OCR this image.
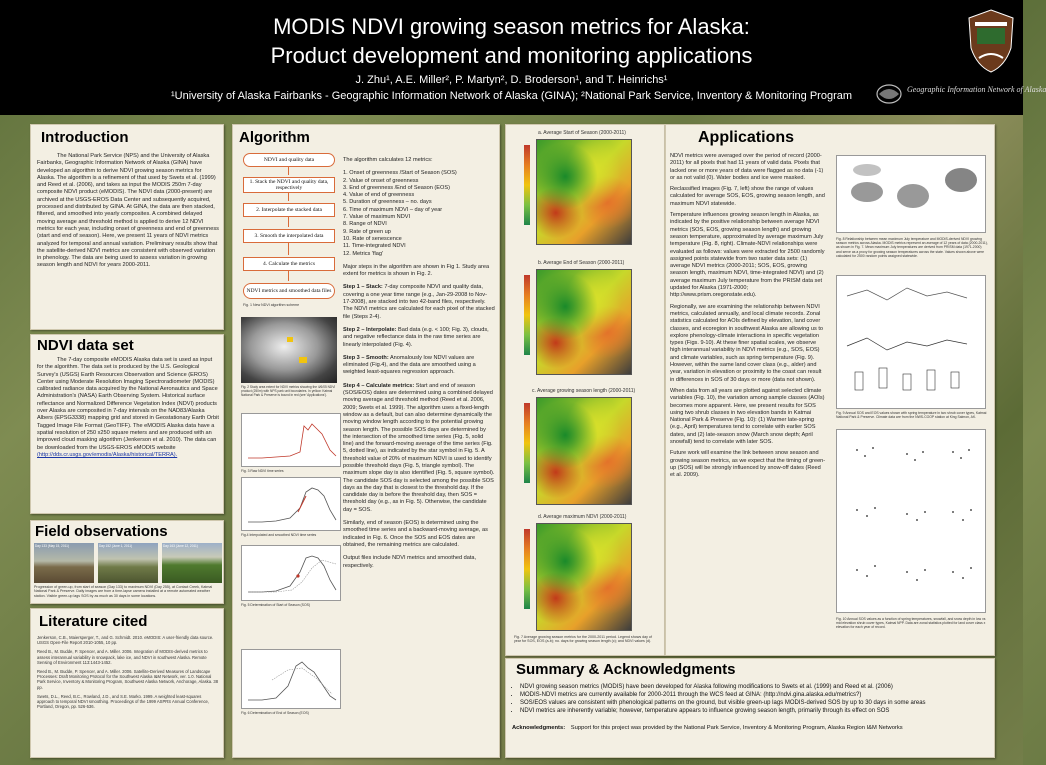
MODIS NDVI growing season metrics for Alaska:
Product development and monitoring applications
J. Zhu¹, A.E. Miller², P. Martyn², D. Broderson¹, and T. Heinrichs¹
¹University of Alaska Fairbanks - Geographic Information Network of Alaska (GINA); ²National Park Service, Inventory & Monitoring Program
Geographic Information Network of Alaska
Introduction
The National Park Service (NPS) and the University of Alaska Fairbanks, Geographic Information Network of Alaska (GINA) have developed an algorithm to derive NDVI growing season metrics for Alaska. The algorithm is a refinement of that used by Swets et al. (1999) and Reed et al. (2006), and takes as input the MODIS 250m 7-day composite NDVI product (eMODIS). The NDVI data (2000-present) are archived at the USGS-EROS Data Center and subsequently acquired, processed and distributed by GINA. At GINA, the data are then stacked, filtered, and smoothed into yearly composites. A combined delayed moving average and threshold method is applied to derive 12 NDVI metrics for each year, including onset of greenness and end of greenness (start and end of season). Here, we present 11 years of NDVI metrics analyzed for temporal and annual variation. Preliminary results show that the satellite-derived NDVI metrics are consistent with observed variation in phenology. The data are being used to assess variation in growing season length and NDVI for years 2000-2011.
NDVI data set
The 7-day composite eMODIS Alaska data set is used as input for the algorithm. The data set is produced by the U.S. Geological Survey's (USGS) Earth Resources Observation and Science (EROS) Center using Moderate Resolution Imaging Spectroradiometer (MODIS) calibrated radiance data acquired by the National Aeronautics and Space Administration's (NASA) Earth Observing System. Historical surface reflectance and Normalized Difference Vegetation Index (NDVI) products over Alaska are composited in 7-day intervals on the NAD83/Alaska Albers (EPSG3338) mapping grid and stored in Geostationary Earth Orbit Tagged Image File Format (GeoTIFF). The eMODIS Alaska data have a spatial resolution of 250 x250 square meters and are produced with an improved cloud masking algorithm (Jenkerson et al. 2010). The data can be downloaded from the USGS-EROS eMODIS website (http://dds.cr.usgs.gov/emodis/Alaska/historical/TERRA).
Field observations
Day 133 (May 15, 2011)	Day 152 (June 1, 2011)	Day 163 (June 12, 2011)
Progression of green-up, from start of season (Day 133) to maximum NDVI (Day 255), at Contact Creek, Katmai National Park & Preserve. Daily images are from a time-lapse camera installed at a remote automated weather station. Visible green-up lags SOS by as much as 30 days in some locations.
Literature cited

Jenkerson, C.B., Maiersperger, T., and G. Schmidt. 2010. eMODIS: A user-friendly data source. USGS Open-File Report 2010-1055, 10 pp.

Reed B., M. Budde, P. Spencer, and A. Miller. 2006. Integration of MODIS-derived metrics to assess interannual variability in snowpack, lake ice, and NDVI in southwest Alaska. Remote Sensing of Environment 113:1443-1452.

Reed B., M. Budde, P. Spencer, and A. Miller. 2006. Satellite-Derived Measures of Landscape Processes: Draft Monitoring Protocol for the Southwest Alaska I&M Network, ver. 1.0. National Park Service, Inventory & Monitoring Program, Southwest Alaska Network, Anchorage, Alaska. 38 pp.

Swets, D.L., Reed, B.C., Rowland, J.D., and S.E. Marko. 1999. A weighted least-squares approach to temporal NDVI smoothing. Proceedings of the 1999 ASPRS Annual Conference, Portland, Oregon, pp. 526-536.

Algorithm
NDVI and quality data
1. Stack the NDVI and quality data, respectively
2. Interpolate the stacked data
3. Smooth the interpolated data
4. Calculate the metrics
NDVI metrics and smoothed data files
Fig. 1 New NDVI algorithm scheme
Fig. 2 Study area extent for NDVI metrics showing the 4/6/05 NDVI product (250m) with NPS park unit boundaries. In yellow: Katmai National Park & Preserve is bound in red (see 'Applications').
Fig. 3 Raw NDVI time series
Fig.4 Interpolated and smoothed NDVI time series
Fig. 5 Determination of Start of Season (SOS)
Fig. 6 Determination of End of Season (EOS)

The algorithm calculates 12 metrics:

1. Onset of greenness /Start of Season (SOS)
2. Value of onset of greenness
3. End of greenness /End of Season (EOS)
4. Value of end of greenness
5. Duration of greenness – no. days
6. Time of maximum NDVI – day of year
7. Value of maximum NDVI
8. Range of NDVI
9. Rate of green up
10. Rate of senescence
11. Time-integrated NDVI
12. Metrics 'flag'

Major steps in the algorithm are shown in Fig 1. Study area extent for metrics is shown in Fig. 2.

Step 1 – Stack: 7-day composite NDVI and quality data, covering a one year time range (e.g., Jan-29-2008 to Nov-17-2008), are stacked into two 42-band files, respectively. The NDVI metrics are calculated for each pixel of the stacked file (Steps 2-4).

Step 2 – Interpolate: Bad data (e.g. < 100; Fig. 3), clouds, and negative reflectance data in the raw time series are linearly interpolated (Fig. 4).

Step 3 – Smooth: Anomalously low NDVI values are eliminated (Fig.4), and the data are smoothed using a weighted least-squares regression approach.

Step 4 – Calculate metrics: Start and end of season (SOS/EOS) dates are determined using a combined delayed moving average and threshold method (Reed et al. 2006, 2009; Swets et al. 1999). The algorithm uses a fixed-length window as a default, but can also determine dynamically the moving window length according to the potential growing season length. The possible SOS days are determined by the intersection of the smoothed time series (Fig. 5, solid line) and the forward-moving average of the time series (Fig. 5, dotted line), as indicated by the star symbol in Fig. 5. A threshold value of 20% of maximum NDVI is used to identify possible threshold days (Fig. 5, triangle symbol). The maximum slope day is also identified (Fig. 5, square symbol). The candidate SOS day is selected among the possible SOS days as the day that is closest to the threshold day. If the candidate day is before the threshold day, then SOS = threshold day (e.g., as in Fig. 5). Otherwise, the candidate day = SOS.

Similarly, end of season (EOS) is determined using the smoothed time series and a backward-moving average, as indicated in Fig. 6. Once the SOS and EOS dates are obtained, the remaining metrics are calculated.

Output files include NDVI metrics and smoothed data, respectively.

a. Average Start of Season (2000-2011)
b. Average End of Season (2000-2011)
c. Average growing season length (2000-2011)
d. Average maximum NDVI (2000-2011)
Fig. 7 Average growing season metrics for the 2000-2011 period. Legend shows day of year for SOS, EOS (a-b); no. days for growing season length (c); and NDVI values (d).
Applications

NDVI metrics were averaged over the period of record (2000-2011) for all pixels that had 11 years of valid data. Pixels that lacked one or more years of data were flagged as no data (-1) or as not valid (0). Water bodies and ice were masked.

Reclassified images (Fig. 7, left) show the range of values calculated for average SOS, EOS, growing season length, and maximum NDVI statewide.

Temperature influences growing season length in Alaska, as indicated by the positive relationship between average NDVI metrics (SOS, EOS, growing season length) and growing season temperature, approximated by average maximum July temperature (Fig. 8, right). Climate-NDVI relationships were evaluated as follows: values were extracted for 2500 randomly assigned points statewide from two raster data sets: (1) average NDVI metrics (2000-2011; SOS, EOS, growing season length, maximum NDVI, time-integrated NDVI) and (2) average maximum July temperature from the PRISM data set updated for Alaska (1971-2000; http://www.prism.oregonstate.edu).

Regionally, we are examining the relationship between NDVI metrics, calculated annually, and local climate records. Zonal statistics calculated for AOIs defined by elevation, land cover classes, and ecoregion in southwest Alaska are allowing us to explore phenology-climate interactions in specific vegetation types (Figs. 9-10). At these finer spatial scales, we observe high interannual variability in NDVI metrics (e.g., SOS, EOS) and climate variables, such as spring temperature (Fig. 9). However, within the same land cover class (e.g., alder) and year, variation in elevation or proximity to the coast can result in differences in SOS of 30 days or more (data not shown).

When data from all years are plotted against selected climate variables (Fig. 10), the variation among sample classes (AOIs) becomes more apparent. Here, we present results for SOS using two shrub classes in two elevation bands in Katmai National Park & Preserve (Fig. 10): (1) Warmer late-spring (e.g., April) temperatures tend to correlate with earlier SOS dates, and (2) late-season snow (March snow depth; April snowfall) tend to correlate with later SOS.

Future work will examine the link between snow season and growing season metrics, as we expect that the timing of green-up (SOS) will be strongly influenced by snow-off dates (Reed et al. 2009).

Fig. 8 Relationship between mean maximum July temperature and MODIS-derived NDVI growing season metrics across Alaska. MODIS metrics represent an average of 12 years of data (2000-2011), as shown in Fig. 7. Mean maximum July temperatures are derived from PRISM data (1971-2000) and serve as a proxy for growing season temperatures across the state. Values shown above were calculated for 2500 random points assigned statewide.
Fig. 9 Annual SOS and EOS values shown with spring temperature in two shrub cover types, Katmai National Park & Preserve. Climate data are from the NWS-COOP station at King Salmon, AK.
Fig. 10 Annual SOS values as a function of spring temperatures, snowfall, and snow depth in low vs mid elevation shrub cover types, Katmai NPP. Data are zonal statistics plotted for land cover class x elevation for each year of record.
Summary & Acknowledgments
• NDVI growing season metrics (MODIS) have been developed for Alaska following modifications to Swets et al. (1999) and Reed et al. (2006)
• MODIS-NDVI metrics are currently available for 2000-2011 through the WCS feed at GINA: (http://ndvi.gina.alaska.edu/metrics?)
• SOS/EOS values are consistent with phenological patterns on the ground, but visible green-up lags MODIS-derived SOS by up to 30 days in some areas
• NDVI metrics are inherently variable; however, temperature appears to influence growing season length, primarily through its effect on SOS
Acknowledgments: Support for this project was provided by the National Park Service, Inventory & Monitoring Program, Alaska Region I&M Networks
